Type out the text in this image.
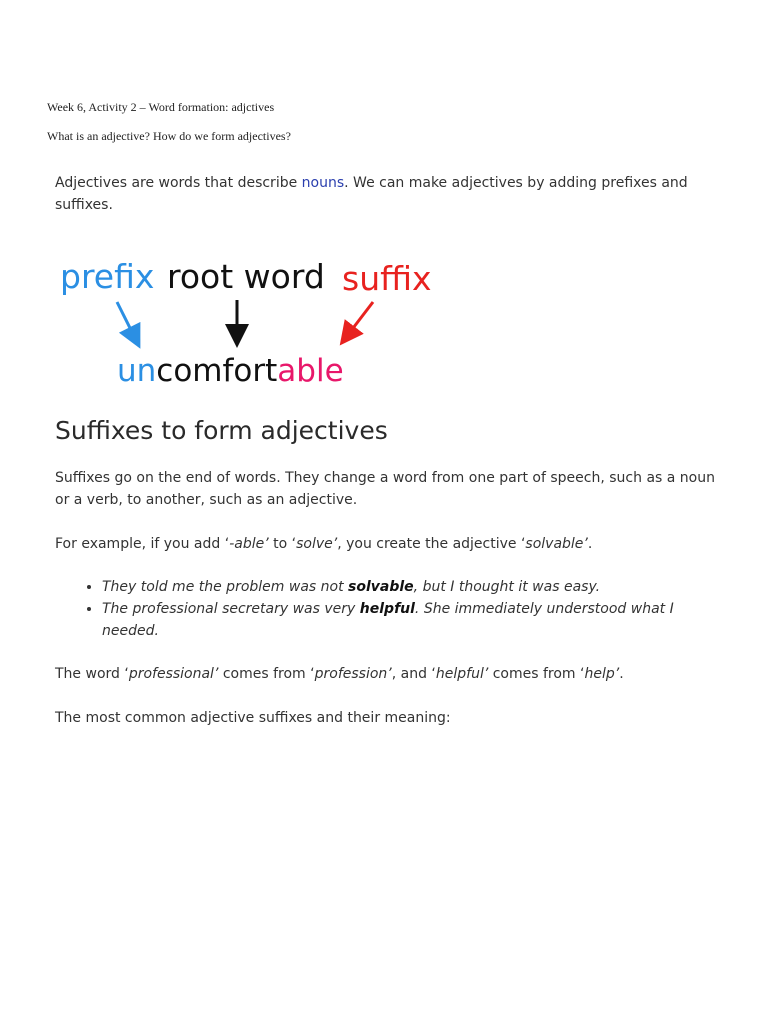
Week 6, Activity 2 – Word formation: adjctives
What is an adjective? How do we form adjectives?

Adjectives are words that describe nouns. We can make adjectives by adding prefixes and suffixes.

prefix root word suffix
uncomfortable
Suffixes to form adjectives

Suffixes go on the end of words. They change a word from one part of speech, such as a noun or a verb, to another, such as an adjective.

For example, if you add ‘-able’ to ‘solve’, you create the adjective ‘solvable’.

• They told me the problem was not solvable, but I thought it was easy.
• The professional secretary was very helpful. She immediately understood what I needed.

The word ‘professional’ comes from ‘profession’, and ‘helpful’ comes from ‘help’.

The most common adjective suffixes and their meaning:
